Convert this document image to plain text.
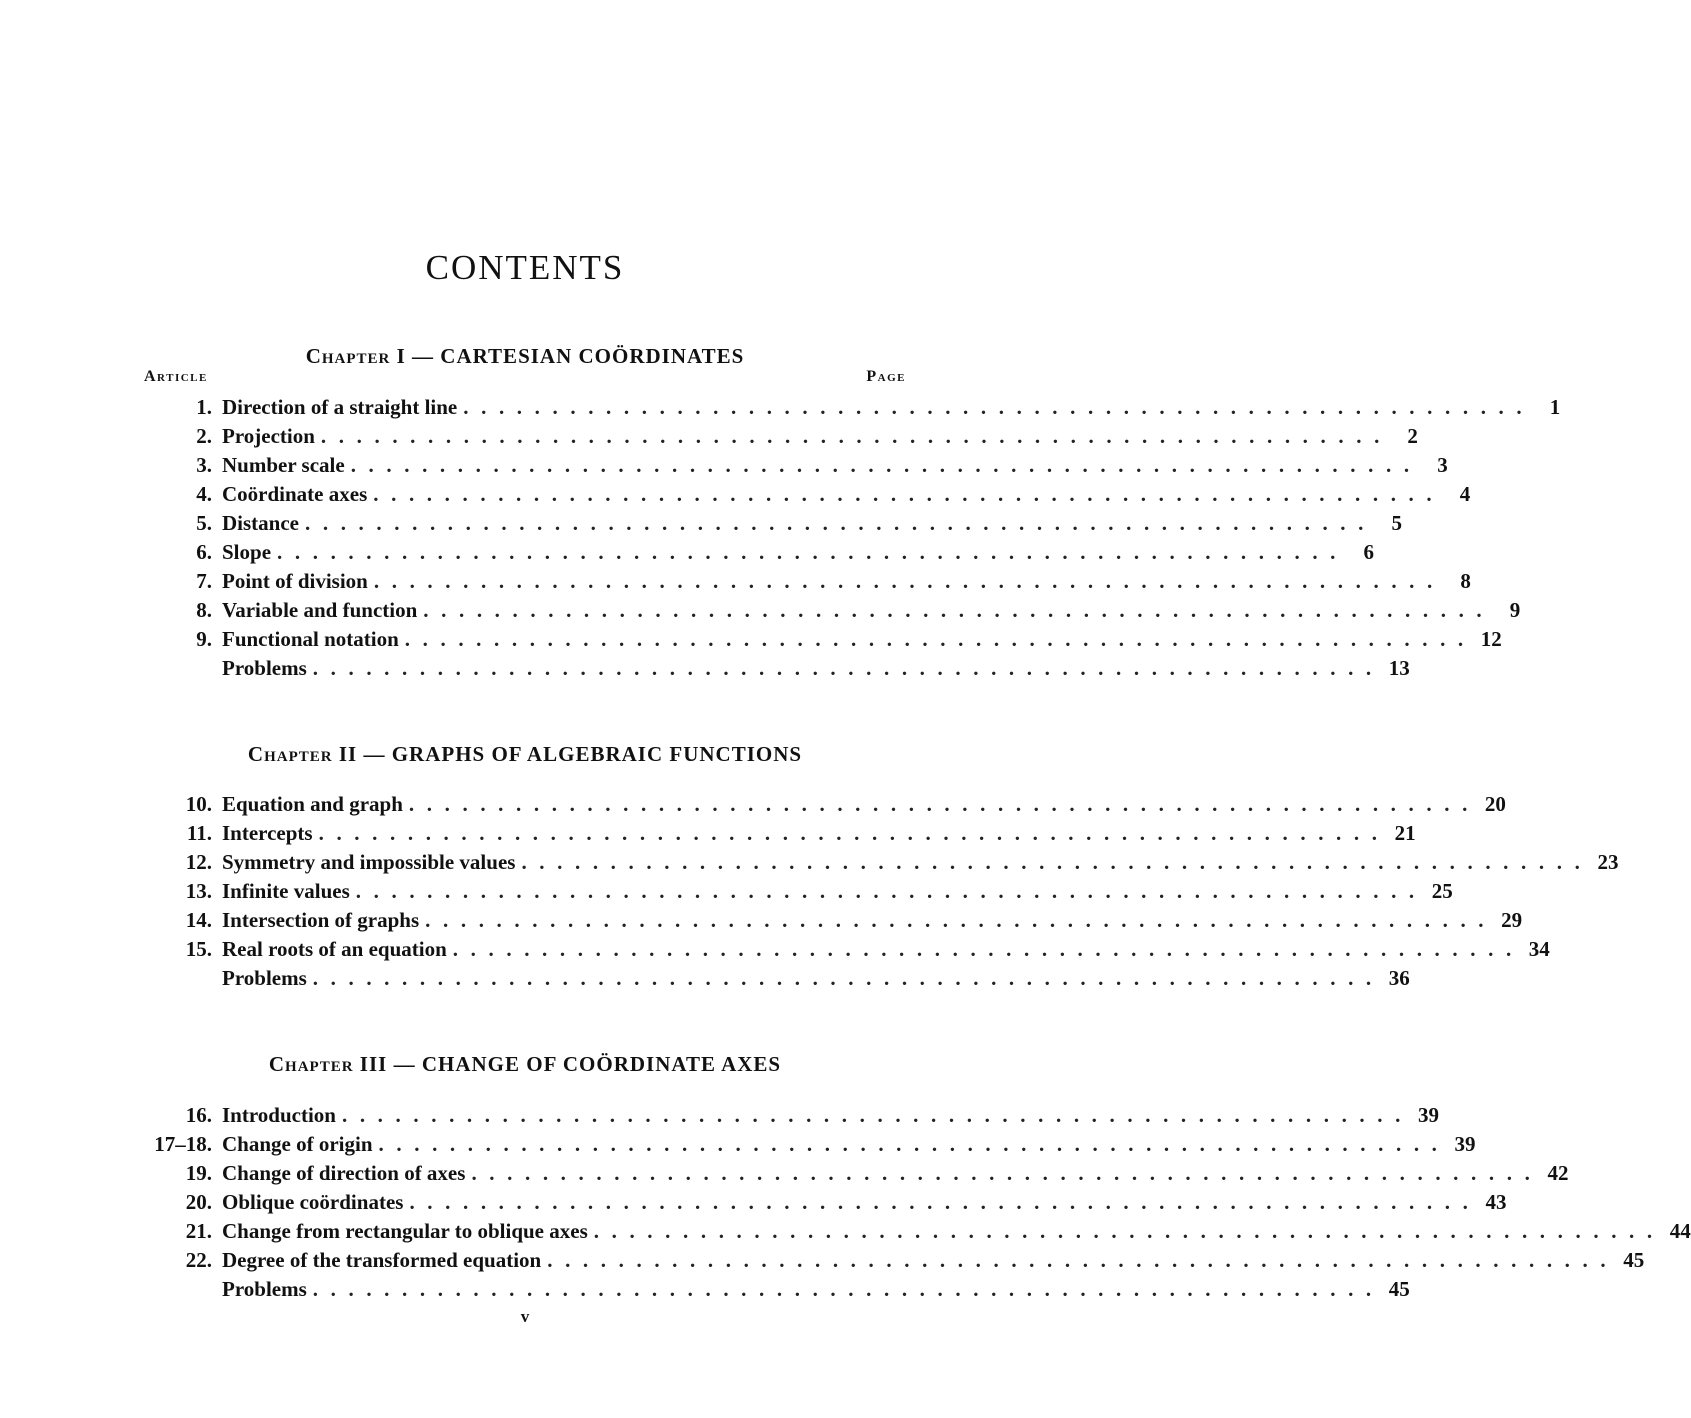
CONTENTS
Chapter I — CARTESIAN COÖRDINATES
Article	Page
1. Direction of a straight line ............................................................ 1
2. Projection ............................................................ 2
3. Number scale ............................................................ 3
4. Coördinate axes ............................................................ 4
5. Distance ............................................................ 5
6. Slope ............................................................ 6
7. Point of division ............................................................ 8
8. Variable and function ............................................................ 9
9. Functional notation ............................................................ 12
Problems ............................................................ 13
Chapter II — GRAPHS OF ALGEBRAIC FUNCTIONS
10. Equation and graph ............................................................ 20
11. Intercepts ............................................................ 21
12. Symmetry and impossible values ............................................................ 23
13. Infinite values ............................................................ 25
14. Intersection of graphs ............................................................ 29
15. Real roots of an equation ............................................................ 34
Problems ............................................................ 36
Chapter III — CHANGE OF COÖRDINATE AXES
16. Introduction ............................................................ 39
17–18. Change of origin ............................................................ 39
19. Change of direction of axes ............................................................ 42
20. Oblique coördinates ............................................................ 43
21. Change from rectangular to oblique axes ............................................................ 44
22. Degree of the transformed equation ............................................................ 45
Problems ............................................................ 45
v
